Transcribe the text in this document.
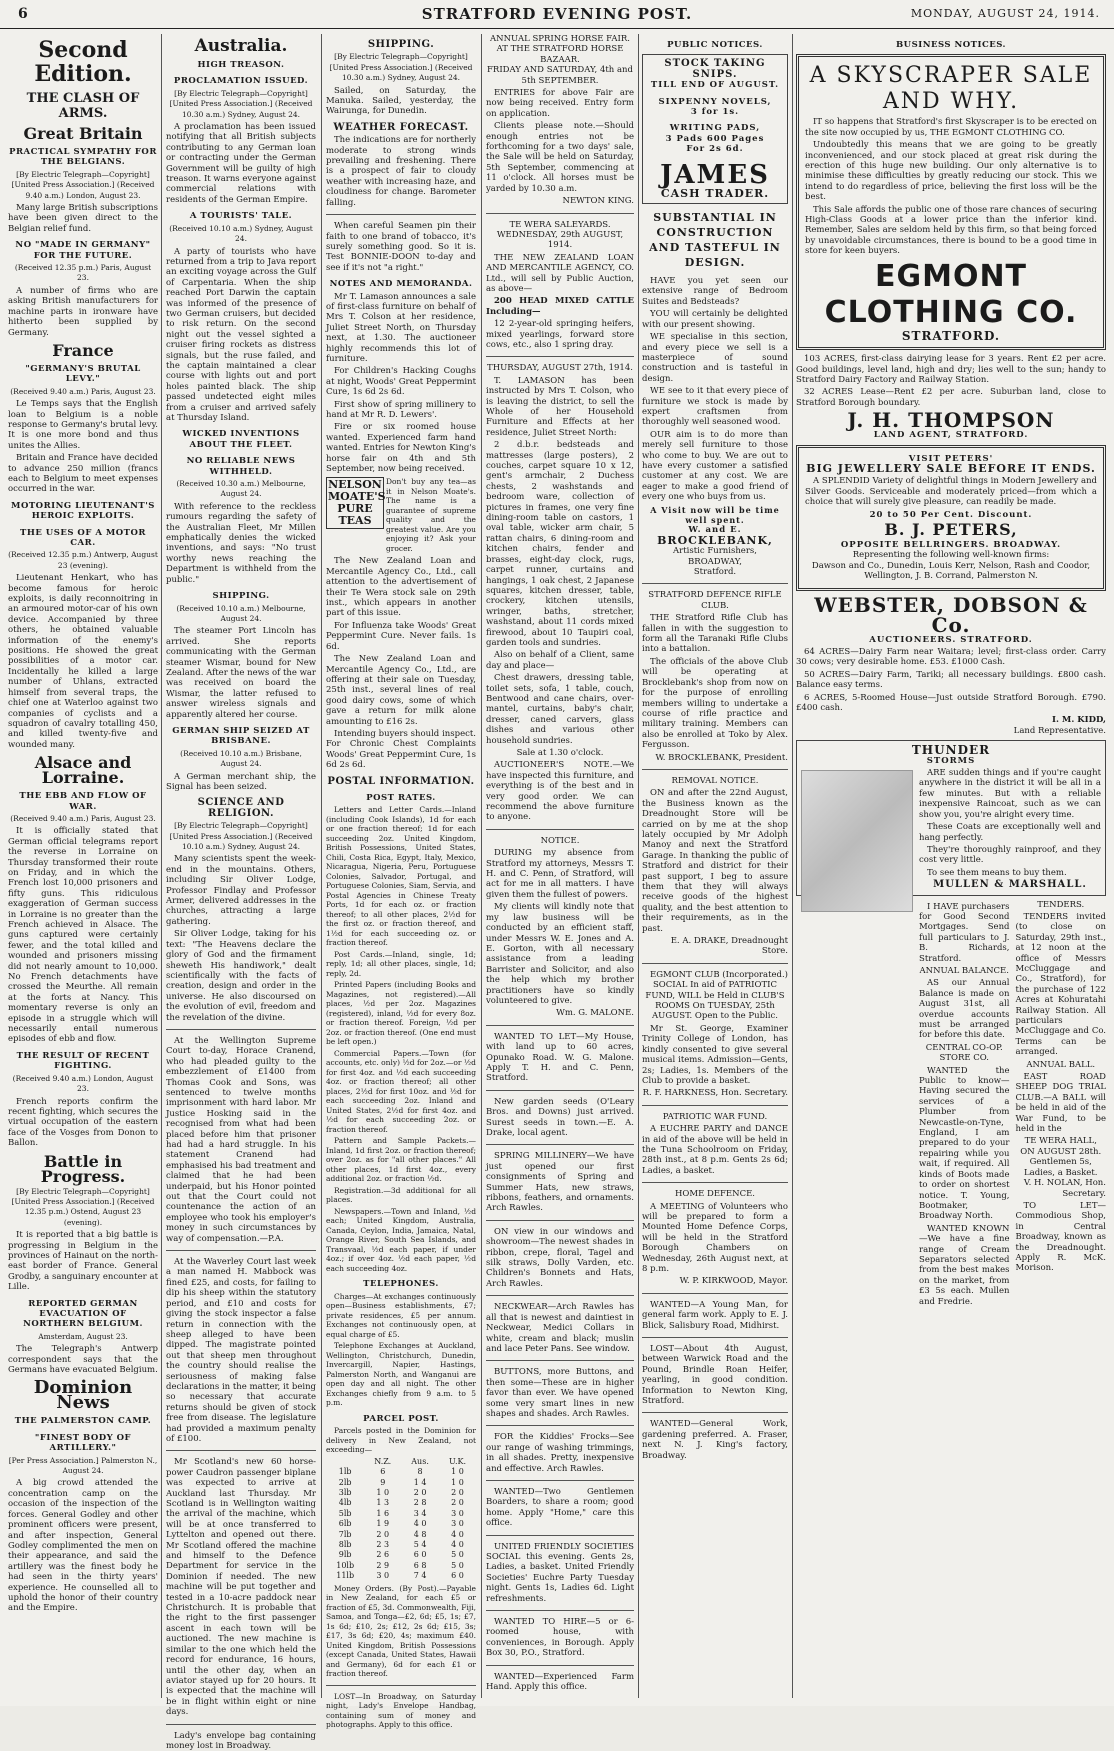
6	STRATFORD EVENING POST.	MONDAY, AUGUST 24, 1914.
Second Edition.
THE CLASH OF ARMS.
Great Britain
PRACTICAL SYMPATHY FOR THE BELGIANS.
[By Electric Telegraph—Copyright] [United Press Association.] (Received 9.40 a.m.) London, August 23.

Many large British subscriptions have been given direct to the Belgian relief fund.

NO "MADE IN GERMANY" FOR THE FUTURE.
(Received 12.35 p.m.) Paris, August 23.

A number of firms who are asking British manufacturers for machine parts in ironware have hitherto been supplied by Germany.

France
"GERMANY'S BRUTAL LEVY."
(Received 9.40 a.m.) Paris, August 23.

Le Temps says that the English loan to Belgium is a noble response to Germany's brutal levy. It is one more bond and thus unites the Allies.

Britain and France have decided to advance 250 million (francs each to Belgium to meet expenses occurred in the war.

MOTORING LIEUTENANT'S HEROIC EXPLOITS.
THE USES OF A MOTOR CAR.
(Received 12.35 p.m.) Antwerp, August 23 (evening).

Lieutenant Henkart, who has become famous for heroic exploits, is daily reconnoitring in an armoured motor-car of his own device. Accompanied by three others, he obtained valuable information of the enemy's positions. He showed the great possibilities of a motor car. Incidentally he killed a large number of Uhlans, extracted himself from several traps, the chief one at Waterloo against two companies of cyclists and a squadron of cavalry totalling 450, and killed twenty-five and wounded many.

Alsace and Lorraine.
THE EBB AND FLOW OF WAR.
(Received 9.40 a.m.) Paris, August 23.

It is officially stated that German official telegrams report the reverse in Lorraine on Thursday transformed their route on Friday, and in which the French lost 10,000 prisoners and fifty guns. This ridiculous exaggeration of German success in Lorraine is no greater than the French achieved in Alsace. The guns captured were certainly fewer, and the total killed and wounded and prisoners missing did not nearly amount to 10,000. No French detachments have crossed the Meurthe. All remain at the forts at Nancy. This momentary reverse is only an episode in a struggle which will necessarily entail numerous episodes of ebb and flow.

THE RESULT OF RECENT FIGHTING.
(Received 9.40 a.m.) London, August 23.

French reports confirm the recent fighting, which secures the virtual occupation of the eastern face of the Vosges from Donon to Ballon.

Battle in Progress.
[By Electric Telegraph—Copyright] [United Press Association.] (Received 12.35 p.m.) Ostend, August 23 (evening).

It is reported that a big battle is progressing in Belgium in the provinces of Hainaut on the north-east border of France. General Grodby, a sanguinary encounter at Lille.

REPORTED GERMAN EVACUATION OF NORTHERN BELGIUM.
Amsterdam, August 23.

The Telegraph's Antwerp correspondent says that the Germans have evacuated Belgium.

Dominion News
THE PALMERSTON CAMP.
"FINEST BODY OF ARTILLERY."
[Per Press Association.] Palmerston N., August 24.

A big crowd attended the concentration camp on the occasion of the inspection of the forces. General Godley and other prominent officers were present, and after inspection, General Godley complimented the men on their appearance, and said the artillery was the finest body he had seen in the thirty years' experience. He counselled all to uphold the honor of their country and the Empire.

Australia.
HIGH TREASON.
PROCLAMATION ISSUED.
[By Electric Telegraph—Copyright] [United Press Association.] (Received 10.30 a.m.) Sydney, August 24.

A proclamation has been issued notifying that all British subjects contributing to any German loan or contracting under the German Government will be guilty of high treason. It warns everyone against commercial relations with residents of the German Empire.

A TOURISTS' TALE.
(Received 10.10 a.m.) Sydney, August 24.

A party of tourists who have returned from a trip to Java report an exciting voyage across the Gulf of Carpentaria. When the ship reached Port Darwin the captain was informed of the presence of two German cruisers, but decided to risk return. On the second night out the vessel sighted a cruiser firing rockets as distress signals, but the ruse failed, and the captain maintained a clear course with lights out and port holes painted black. The ship passed undetected eight miles from a cruiser and arrived safely at Thursday Island.

WICKED INVENTIONS ABOUT THE FLEET.
NO RELIABLE NEWS WITHHELD.
(Received 10.30 a.m.) Melbourne, August 24.

With reference to the reckless rumours regarding the safety of the Australian Fleet, Mr Millen emphatically denies the wicked inventions, and says: "No trust worthy news reaching the Department is withheld from the public."

SHIPPING.
(Received 10.10 a.m.) Melbourne, August 24.

The steamer Port Lincoln has arrived. She reports communicating with the German steamer Wismar, bound for New Zealand. After the news of the war was received on board the Wismar, the latter refused to answer wireless signals and apparently altered her course.

GERMAN SHIP SEIZED AT BRISBANE.
(Received 10.10 a.m.) Brisbane, August 24.

A German merchant ship, the Signal has been seized.

SCIENCE AND RELIGION.
[By Electric Telegraph—Copyright] [United Press Association.] (Received 10.10 a.m.) Sydney, August 24.

Many scientists spent the week-end in the mountains. Others, including Sir Oliver Lodge, Professor Findlay and Professor Armer, delivered addresses in the churches, attracting a large gathering.

Sir Oliver Lodge, taking for his text: "The Heavens declare the glory of God and the firmament sheweth His handiwork," dealt scientifically with the facts of creation, design and order in the universe. He also discoursed on the evolution of evil, freedom and the revelation of the divine.

At the Wellington Supreme Court to-day, Horace Cranend, who had pleaded guilty to the embezzlement of £1400 from Thomas Cook and Sons, was sentenced to twelve months imprisonment with hard labor. Mr Justice Hosking said in the recognised from what had been placed before him that prisoner had had a hard struggle. In his statement Cranend had emphasised his bad treatment and claimed that he had been underpaid, but his Honor pointed out that the Court could not countenance the action of an employee who took his employer's money in such circumstances by way of compensation.—P.A.

At the Waverley Court last week a man named H. Mabbock was fined £25, and costs, for failing to dip his sheep within the statutory period, and £10 and costs for giving the stock inspector a false return in connection with the sheep alleged to have been dipped. The magistrate pointed out that sheep men throughout the country should realise the seriousness of making false declarations in the matter, it being so necessary that accurate returns should be given of stock free from disease. The legislature had provided a maximum penalty of £100.

Mr Scotland's new 60 horse-power Caudron passenger biplane was expected to arrive at Auckland last Thursday. Mr Scotland is in Wellington waiting the arrival of the machine, which will be at once transferred to Lyttelton and opened out there. Mr Scotland offered the machine and himself to the Defence Department for service in the Dominion if needed. The new machine will be put together and tested in a 10-acre paddock near Christchurch. It is probable that the right to the first passenger ascent in each town will be auctioned. The new machine is similar to the one which held the record for endurance, 16 hours, until the other day, when an aviator stayed up for 20 hours. It is expected that the machine will be in flight within eight or nine days.

Lady's envelope bag containing money lost in Broadway.

SHIPPING.
[By Electric Telegraph—Copyright] [United Press Association.] (Received 10.30 a.m.) Sydney, August 24.

Sailed, on Saturday, the Manuka. Sailed, yesterday, the Wairunga, for Dunedin.

WEATHER FORECAST.

The indications are for northerly moderate to strong winds prevailing and freshening. There is a prospect of fair to cloudy weather with increasing haze, and cloudiness for change. Barometer falling.

When careful Seamen pin their faith to one brand of tobacco, it's surely something good. So it is. Test BONNIE-DOON to-day and see if it's not "a right."

NOTES AND MEMORANDA.

Mr T. Lamason announces a sale of first-class furniture on behalf of Mrs T. Colson at her residence, Juliet Street North, on Thursday next, at 1.30. The auctioneer highly recommends this lot of furniture.

For Children's Hacking Coughs at night, Woods' Great Peppermint Cure, 1s 6d 2s 6d.

First show of spring millinery to hand at Mr R. D. Lewers'.

Fire or six roomed house wanted. Experienced farm hand wanted. Entries for Newton King's horse fair on 4th and 5th September, now being received.

NELSON MOATE'S PURE TEAS
Don't buy any tea—as it in Nelson Moate's. The name is a guarantee of supreme quality and the greatest value. Are you enjoying it? Ask your grocer.

The New Zealand Loan and Mercantile Agency Co., Ltd., call attention to the advertisement of their Te Wera stock sale on 29th inst., which appears in another part of this issue.

For Influenza take Woods' Great Peppermint Cure. Never fails. 1s 6d.

The New Zealand Loan and Mercantile Agency Co., Ltd., are offering at their sale on Tuesday, 25th inst., several lines of real good dairy cows, some of which gave a return for milk alone amounting to £16 2s.

Intending buyers should inspect. For Chronic Chest Complaints Woods' Great Peppermint Cure, 1s 6d 2s 6d.

POSTAL INFORMATION.
POST RATES.

Letters and Letter Cards.—Inland (including Cook Islands), 1d for each or one fraction thereof; 1d for each succeeding 2oz. United Kingdom, British Possessions, United States, Chili, Costa Rica, Egypt, Italy, Mexico, Nicaragua, Nigeria, Peru, Portuguese Colonies, Salvador, Portugal, and Portuguese Colonies, Siam, Servia, and Postal Agencies in Chinese Treaty Ports, 1d for each oz. or fraction thereof; to all other places, 2½d for the first oz. or fraction thereof, and 1½d for each succeeding oz. or fraction thereof.

Post Cards.—Inland, single, 1d; reply, 1d; all other places, single, 1d; reply, 2d.

Printed Papers (including Books and Magazines, not registered).—All places, ½d per 2oz. Magazines (registered), inland, ½d for every 8oz. or fraction thereof. Foreign, ½d per 2oz. or fraction thereof. (One end must be left open.)

Commercial Papers.—Town (for accounts, etc. only) ½d for 2oz.—or ½d for first 4oz. and ½d each succeeding 4oz. or fraction thereof; all other places, 2½d for first 10oz. and ½d for each succeeding 2oz. Inland and United States, 2½d for first 4oz. and ½d for each succeeding 2oz. or fraction thereof.

Pattern and Sample Packets.—Inland, 1d first 2oz. or fraction thereof; over 2oz. as for "all other places." All other places, 1d first 4oz., every additional 2oz. or fraction ½d.

Registration.—3d additional for all places.

Newspapers.—Town and Inland, ½d each; United Kingdom, Australia, Canada, Ceylon, India, Jamaica, Natal, Orange River, South Sea Islands, and Transvaal, ½d each paper, if under 4oz.; if over 4oz. ½d each paper, ½d each succeeding 4oz.

TELEPHONES.

Charges—At exchanges continuously open—Business establishments, £7; private residences, £5 per annum. Exchanges not continuously open, at equal charge of £5.

Telephone Exchanges at Auckland, Wellington, Christchurch, Dunedin, Invercargill, Napier, Hastings, Palmerston North, and Wanganui are open day and all night. The other Exchanges chiefly from 9 a.m. to 5 p.m.

PARCEL POST.

Parcels posted in the Dominion for delivery in New Zealand, not exceeding—

	N.Z.	Aus.	U.K.
1lb	6	8	1 0
2lb	9	1 4	1 0
3lb	1 0	2 0	2 0
4lb	1 3	2 8	2 0
5lb	1 6	3 4	3 0
6lb	1 9	4 0	3 0
7lb	2 0	4 8	4 0
8lb	2 3	5 4	4 0
9lb	2 6	6 0	5 0
10lb	2 9	6 8	5 0
11lb	3 0	7 4	6 0

Money Orders. (By Post).—Payable in New Zealand, for each £5 or fraction of £5, 3d. Commonwealth, Fiji, Samoa, and Tonga—£2, 6d; £5, 1s; £7, 1s 6d; £10, 2s; £12, 2s 6d; £15, 3s; £17, 3s 6d; £20, 4s; maximum £40. United Kingdom, British Possessions (except Canada, United States, Hawaii and Germany), 6d for each £1 or fraction thereof.

LOST—In Broadway, on Saturday night, Lady's Envelope Handbag, containing sum of money and photographs. Apply to this office.

ANNUAL SPRING HORSE FAIR.
AT THE STRATFORD HORSE BAZAAR.
FRIDAY AND SATURDAY, 4th and 5th SEPTEMBER.

ENTRIES for above Fair are now being received. Entry form on application.

Clients please note.—Should enough entries not be forthcoming for a two days' sale, the Sale will be held on Saturday, 5th September, commencing at 11 o'clock. All horses must be yarded by 10.30 a.m.

NEWTON KING.
TE WERA SALEYARDS.
WEDNESDAY, 29th AUGUST, 1914.

THE NEW ZEALAND LOAN AND MERCANTILE AGENCY, CO. Ltd., will sell by Public Auction, as above—

200 HEAD MIXED CATTLE Including—

12 2-year-old springing heifers, mixed yearlings, forward store cows, etc., also 1 spring dray.

THURSDAY, AUGUST 27th, 1914.

T. LAMASON has been instructed by Mrs T. Colson, who is leaving the district, to sell the Whole of her Household Furniture and Effects at her residence, Juliet Street North:

2 d.b.r. bedsteads and mattresses (large posters), 2 couches, carpet square 10 x 12, gent's armchair, 2 Duchess chests, 2 washstands and bedroom ware, collection of pictures in frames, one very fine dining-room table on castors, 1 oval table, wicker arm chair, 5 rattan chairs, 6 dining-room and kitchen chairs, fender and brasses, eight-day clock, rugs, carpet runner, curtains and hangings, 1 oak chest, 2 Japanese squares, kitchen dresser, table, crockery, kitchen utensils, wringer, baths, stretcher, washstand, about 11 cords mixed firewood, about 10 Taupiri coal, garden tools and sundries.

Also on behalf of a Client, same day and place—

Chest drawers, dressing table, toilet sets, sofa, 1 table, couch, Bentwood and cane chairs, over-mantel, curtains, baby's chair, dresser, caned carvers, glass dishes and various other household sundries.

Sale at 1.30 o'clock.

AUCTIONEER'S NOTE.—We have inspected this furniture, and everything is of the best and in very good order. We can recommend the above furniture to anyone.

NOTICE.

DURING my absence from Stratford my attorneys, Messrs T. H. and C. Penn, of Stratford, will act for me in all matters. I have given them the fullest of powers.

My clients will kindly note that my law business will be conducted by an efficient staff, under Messrs W. E. Jones and A. E. Gorton, with all necessary assistance from a leading Barrister and Solicitor, and also the help which my brother practitioners have so kindly volunteered to give.

Wm. G. MALONE.

WANTED TO LET—My House, with land up to 60 acres, Opunako Road. W. G. Malone. Apply T. H. and C. Penn, Stratford.

New garden seeds (O'Leary Bros. and Downs) just arrived. Surest seeds in town.—E. A. Drake, local agent.

SPRING MILLINERY—We have just opened our first consignments of Spring and Summer Hats, new straws, ribbons, feathers, and ornaments. Arch Rawles.

ON view in our windows and showroom—The newest shades in ribbon, crepe, floral, Tagel and silk straws, Dolly Varden, etc. Children's Bonnets and Hats, Arch Rawles.

NECKWEAR—Arch Rawles has all that is newest and daintiest in Neckwear, Medici Collars in white, cream and black; muslin and lace Peter Pans. See window.

BUTTONS, more Buttons, and then some—These are in higher favor than ever. We have opened some very smart lines in new shapes and shades. Arch Rawles.

FOR the Kiddies' Frocks—See our range of washing trimmings, in all shades. Pretty, inexpensive and effective. Arch Rawles.

WANTED—Two Gentlemen Boarders, to share a room; good home. Apply "Home," care this office.

UNITED FRIENDLY SOCIETIES SOCIAL this evening. Gents 2s, Ladies, a basket. United Friendly Societies' Euchre Party Tuesday night. Gents 1s, Ladies 6d. Light refreshments.

WANTED TO HIRE—5 or 6-roomed house, with conveniences, in Borough. Apply Box 30, P.O., Stratford.

WANTED—Experienced Farm Hand. Apply this office.

PUBLIC NOTICES.
STOCK TAKING SNIPS.
TILL END OF AUGUST.
SIXPENNY NOVELS,
3 for 1s.
WRITING PADS,
3 Pads 600 Pages
For 2s 6d.
JAMES
CASH TRADER.
SUBSTANTIAL IN CONSTRUCTION AND TASTEFUL IN DESIGN.

HAVE you yet seen our extensive range of Bedroom Suites and Bedsteads?

YOU will certainly be delighted with our present showing.

WE specialise in this section, and every piece we sell is a masterpiece of sound construction and is tasteful in design.

WE see to it that every piece of furniture we stock is made by expert craftsmen from thoroughly well seasoned wood.

OUR aim is to do more than merely sell furniture to those who come to buy. We are out to have every customer a satisfied customer at any cost. We are eager to make a good friend of every one who buys from us.

A Visit now will be time well spent.
W. and E.
BROCKLEBANK,
Artistic Furnishers,
BROADWAY,
Stratford.
STRATFORD DEFENCE RIFLE CLUB.

THE Stratford Rifle Club has fallen in with the suggestion to form all the Taranaki Rifle Clubs into a battalion.

The officials of the above Club will be operating at Brocklebank's shop from now on for the purpose of enrolling members willing to undertake a course of rifle practice and military training. Members can also be enrolled at Toko by Alex. Fergusson.

W. BROCKLEBANK, President.
REMOVAL NOTICE.

ON and after the 22nd August, the Business known as the Dreadnought Store will be carried on by me at the shop lately occupied by Mr Adolph Manoy and next the Stratford Garage. In thanking the public of Stratford and district for their past support, I beg to assure them that they will always receive goods of the highest quality, and the best attention to their requirements, as in the past.

E. A. DRAKE, Dreadnought Store.

EGMONT CLUB (Incorporated.) SOCIAL In aid of PATRIOTIC FUND, WILL be Held in CLUB'S ROOMS On TUESDAY, 25th AUGUST. Open to the Public.

Mr St. George, Examiner Trinity College of London, has kindly consented to give several musical items. Admission—Gents, 2s; Ladies, 1s. Members of the Club to provide a basket.

R. F. HARKNESS, Hon. Secretary.
PATRIOTIC WAR FUND.

A EUCHRE PARTY and DANCE in aid of the above will be held in the Tuna Schoolroom on Friday, 28th inst., at 8 p.m. Gents 2s 6d; Ladies, a basket.

HOME DEFENCE.

A MEETING of Volunteers who will be prepared to form a Mounted Home Defence Corps, will be held in the Stratford Borough Chambers on Wednesday, 26th August next, at 8 p.m.

W. P. KIRKWOOD, Mayor.

WANTED—A Young Man, for general farm work. Apply to E. J. Blick, Salisbury Road, Midhirst.

LOST—About 4th August, between Warwick Road and the Pound, Brindle Roan Heifer, yearling, in good condition. Information to Newton King, Stratford.

WANTED—General Work, gardening preferred. A. Fraser, next N. J. King's factory, Broadway.

BUSINESS NOTICES.
A SKYSCRAPER SALE
AND WHY.

IT so happens that Stratford's first Skyscraper is to be erected on the site now occupied by us, THE EGMONT CLOTHING CO.

Undoubtedly this means that we are going to be greatly inconvenienced, and our stock placed at great risk during the erection of this huge new building. Our only alternative is to minimise these difficulties by greatly reducing our stock. This we intend to do regardless of price, believing the first loss will be the best.

This Sale affords the public one of those rare chances of securing High-Class Goods at a lower price than the inferior kind. Remember, Sales are seldom held by this firm, so that being forced by unavoidable circumstances, there is bound to be a good time in store for keen buyers.

EGMONT CLOTHING CO.
STRATFORD.

103 ACRES, first-class dairying lease for 3 years. Rent £2 per acre. Good buildings, level land, high and dry; lies well to the sun; handy to Stratford Dairy Factory and Railway Station.

32 ACRES Lease—Rent £2 per acre. Suburban land, close to Stratford Borough boundary.

J. H. THOMPSON
LAND AGENT, STRATFORD.
VISIT PETERS'
BIG JEWELLERY SALE BEFORE IT ENDS.

A SPLENDID Variety of delightful things in Modern Jewellery and Silver Goods. Serviceable and moderately priced—from which a choice that will surely give pleasure, can readily be made.

20 to 50 Per Cent. Discount.
B. J. PETERS,
OPPOSITE BELLRINGERS. BROADWAY.
Representing the following well-known firms:
Dawson and Co., Dunedin, Louis Kerr, Nelson, Rash and Coodor, Wellington, J. B. Corrand, Palmerston N.
WEBSTER, DOBSON & Co.
AUCTIONEERS. STRATFORD.

64 ACRES—Dairy Farm near Waitara; level; first-class order. Carry 30 cows; very desirable home. £53. £1000 Cash.

50 ACRES—Dairy Farm, Tariki; all necessary buildings. £800 cash. Balance easy terms.

6 ACRES, 5-Roomed House—Just outside Stratford Borough. £790. £400 cash.

I. M. KIDD,
Land Representative.
THUNDER
STORMS

ARE sudden things and if you're caught anywhere in the district it will be all in a few minutes. But with a reliable inexpensive Raincoat, such as we can show you, you're alright every time.

These Coats are exceptionally well and hang perfectly.

They're thoroughly rainproof, and they cost very little.

To see them means to buy them.

MULLEN & MARSHALL.

I HAVE purchasers for Good Second Mortgages. Send full particulars to J. B. Richards, Stratford.

ANNUAL BALANCE.

AS our Annual Balance is made on August 31st, all overdue accounts must be arranged for before this date.

CENTRAL CO-OP. STORE CO.

WANTED the Public to know—Having secured the services of a Plumber from Newcastle-on-Tyne, England, I am prepared to do your repairing while you wait, if required. All kinds of Boots made to order on shortest notice. T. Young, Bootmaker, Broadway North.

WANTED KNOWN—We have a fine range of Cream Separators selected from the best makes on the market, from £3 5s each. Mullen and Fredrie.

TENDERS.

TENDERS invited (to close on Saturday, 29th inst., at 12 noon at the office of Messrs McCluggage and Co., Stratford), for the purchase of 122 Acres at Kohuratahi Railway Station. All particulars McCluggage and Co. Terms can be arranged.

ANNUAL BALL.

EAST ROAD SHEEP DOG TRIAL CLUB.—A BALL will be held in aid of the War Fund, to be held in the

TE WERA HALL,
ON AUGUST 28th.
Gentlemen 5s, Ladies, a Basket.
V. H. NOLAN, Hon. Secretary.

TO LET—Commodious Shop, in Central Broadway, known as the Dreadnought. Apply R. McK. Morison.
